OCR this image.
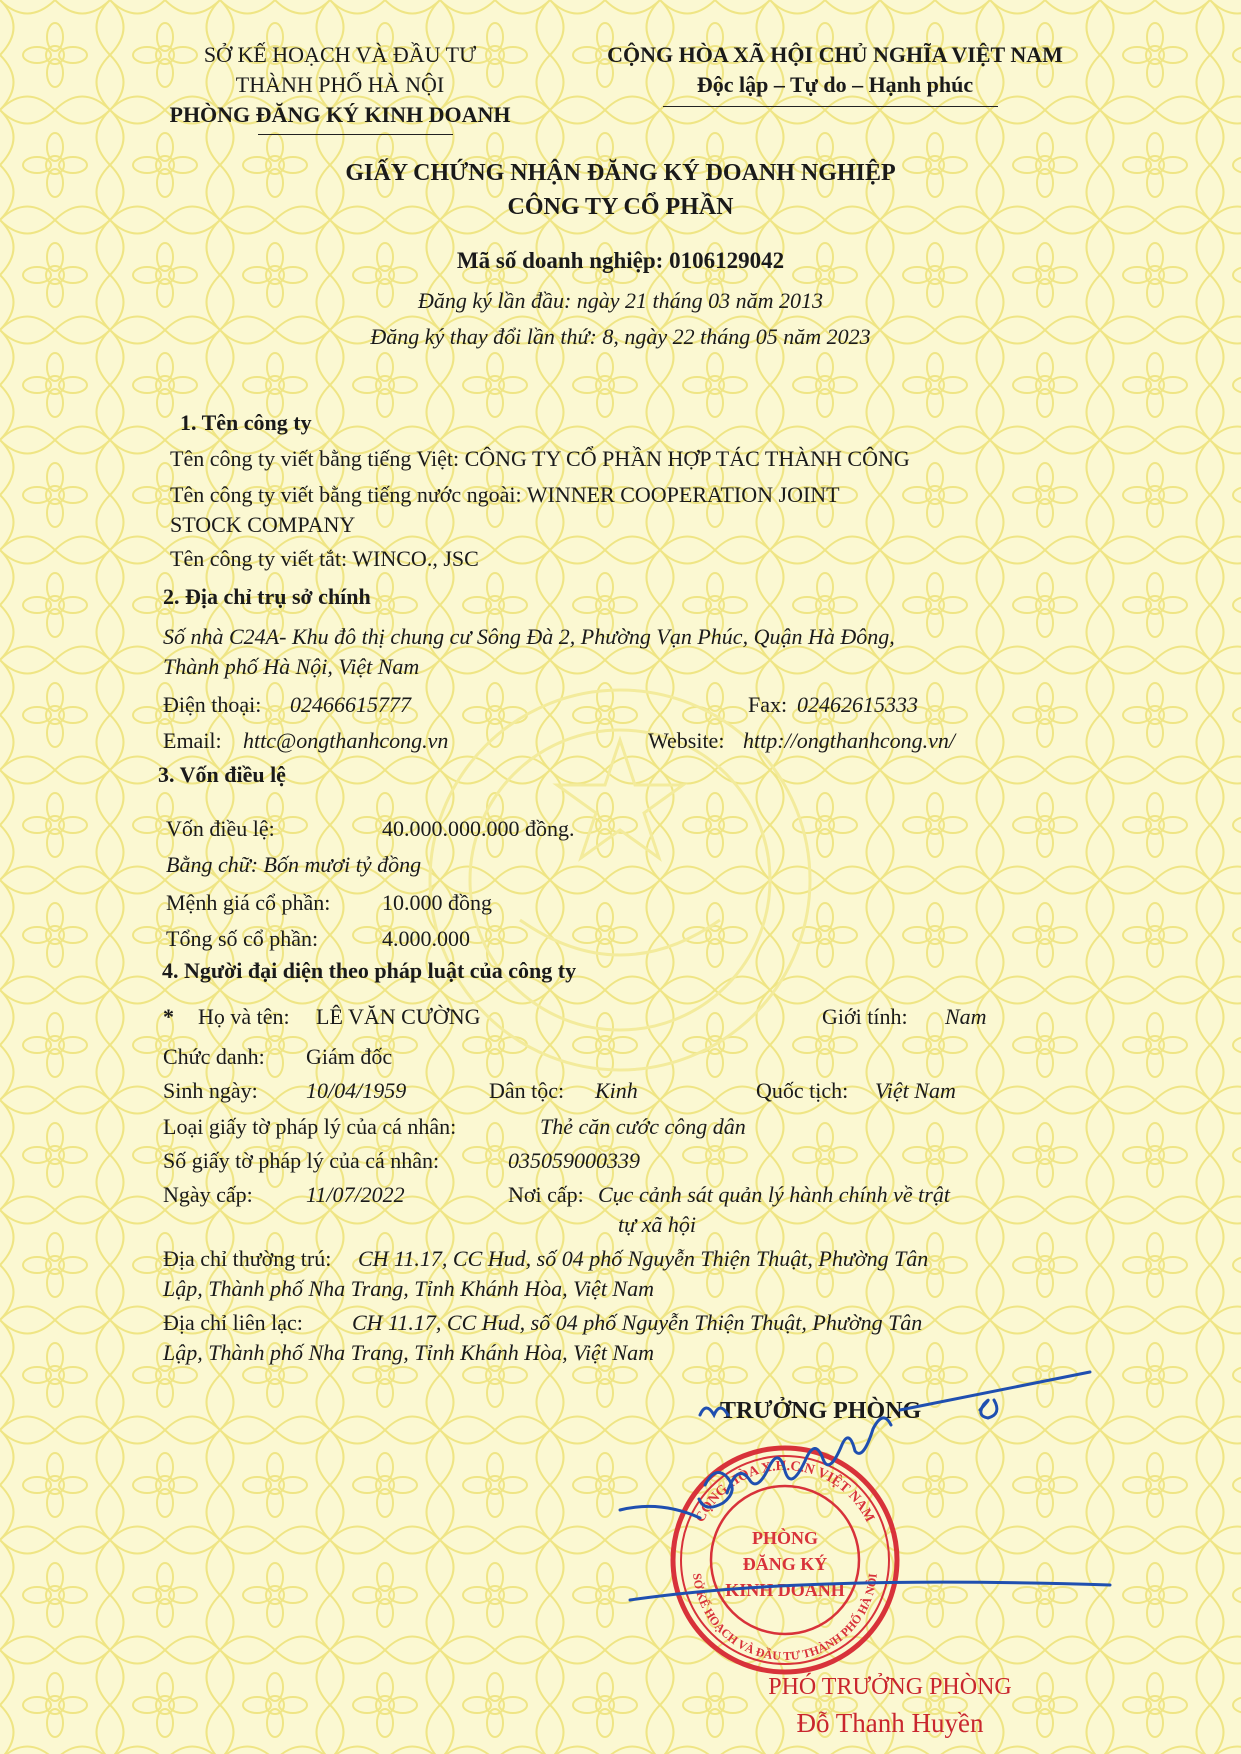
SỞ KẾ HOẠCH VÀ ĐẦU TƯ
THÀNH PHỐ HÀ NỘI
PHÒNG ĐĂNG KÝ KINH DOANH
CỘNG HÒA XÃ HỘI CHỦ NGHĨA VIỆT NAM
Độc lập – Tự do – Hạnh phúc
GIẤY CHỨNG NHẬN ĐĂNG KÝ DOANH NGHIỆP
CÔNG TY CỔ PHẦN
Mã số doanh nghiệp: 0106129042
Đăng ký lần đầu: ngày 21 tháng 03 năm 2013
Đăng ký thay đổi lần thứ: 8, ngày 22 tháng 05 năm 2023
1. Tên công ty
Tên công ty viết bằng tiếng Việt: CÔNG TY CỔ PHẦN HỢP TÁC THÀNH CÔNG
Tên công ty viết bằng tiếng nước ngoài: WINNER COOPERATION JOINT
STOCK COMPANY
Tên công ty viết tắt: WINCO., JSC
2. Địa chỉ trụ sở chính
Số nhà C24A- Khu đô thị chung cư Sông Đà 2, Phường Vạn Phúc, Quận Hà Đông,
Thành phố Hà Nội, Việt Nam
Điện thoại: 02466615777	Fax: 02462615333
Email: httc@ongthanhcong.vn	Website: http://ongthanhcong.vn/
3. Vốn điều lệ
Vốn điều lệ:	40.000.000.000 đồng.
Bằng chữ: Bốn mươi tỷ đồng
Mệnh giá cổ phần: 10.000 đồng
Tổng số cổ phần:	4.000.000
4. Người đại diện theo pháp luật của công ty
* Họ và tên: LÊ VĂN CƯỜNG	Giới tính: Nam
Chức danh: Giám đốc
Sinh ngày: 10/04/1959	Dân tộc: Kinh	Quốc tịch: Việt Nam
Loại giấy tờ pháp lý của cá nhân:	Thẻ căn cước công dân
Số giấy tờ pháp lý của cá nhân:	035059000339
Ngày cấp: 11/07/2022	Nơi cấp: Cục cảnh sát quản lý hành chính về trật
tự xã hội
Địa chỉ thường trú: CH 11.17, CC Hud, số 04 phố Nguyễn Thiện Thuật, Phường Tân
Lập, Thành phố Nha Trang, Tỉnh Khánh Hòa, Việt Nam
Địa chỉ liên lạc: CH 11.17, CC Hud, số 04 phố Nguyễn Thiện Thuật, Phường Tân
Lập, Thành phố Nha Trang, Tỉnh Khánh Hòa, Việt Nam
TRƯỞNG PHÒNG
CỘNG HÒA X.H.C.N VIỆT NAM
SỞ KẾ HOẠCH VÀ ĐẦU TƯ THÀNH PHỐ HÀ NỘI
PHÒNG
ĐĂNG KÝ
KINH DOANH
PHÓ TRƯỞNG PHÒNG
Đỗ Thanh Huyền
